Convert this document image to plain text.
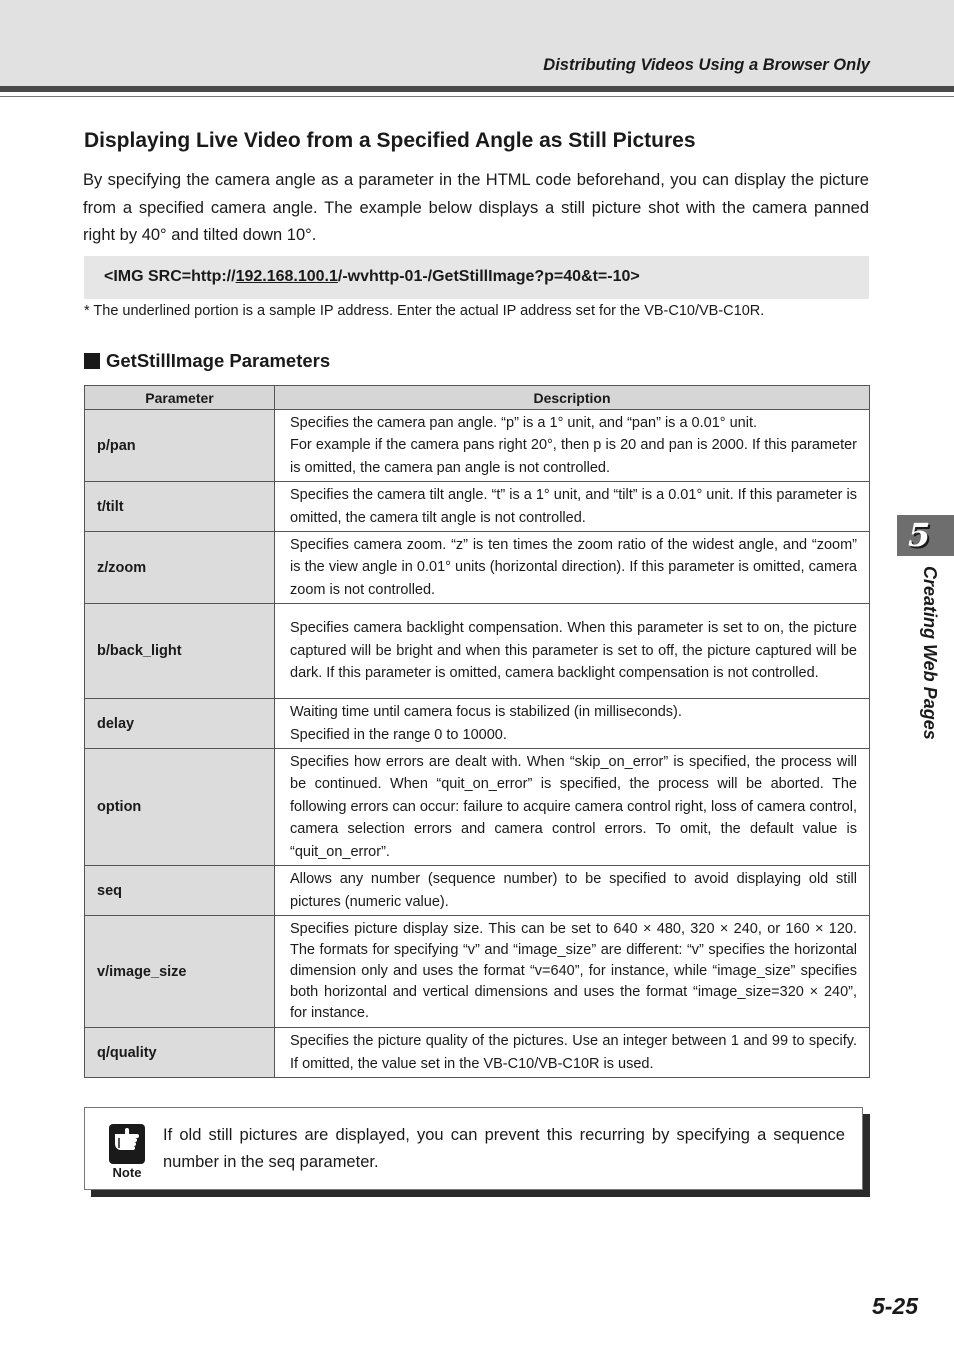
Distributing Videos Using a Browser Only
Displaying Live Video from a Specified Angle as Still Pictures

By specifying the camera angle as a parameter in the HTML code beforehand, you can display the picture from a specified camera angle. The example below displays a still picture shot with the camera panned right by 40° and tilted down 10°.

<IMG SRC=http://192.168.100.1/-wvhttp-01-/GetStillImage?p=40&t=-10>
* The underlined portion is a sample IP address. Enter the actual IP address set for the VB-C10/VB-C10R.
GetStillImage Parameters
Parameter	Description
p/pan	Specifies the camera pan angle. “p” is a 1° unit, and “pan” is a 0.01° unit.
For example if the camera pans right 20°, then p is 20 and pan is 2000. If this parameter is omitted, the camera pan angle is not controlled.

t/tilt	Specifies the camera tilt angle. “t” is a 1° unit, and “tilt” is a 0.01° unit. If this parameter is omitted, the camera tilt angle is not controlled.

z/zoom	Specifies camera zoom. “z” is ten times the zoom ratio of the widest angle, and “zoom” is the view angle in 0.01° units (horizontal direction). If this parameter is omitted, camera zoom is not controlled.

b/back_light	Specifies camera backlight compensation. When this parameter is set to on, the picture captured will be bright and when this parameter is set to off, the picture captured will be dark. If this parameter is omitted, camera backlight compensation is not controlled.

delay	Waiting time until camera focus is stabilized (in milliseconds).
Specified in the range 0 to 10000.

option	Specifies how errors are dealt with. When “skip_on_error” is specified, the process will be continued. When “quit_on_error” is specified, the process will be aborted. The following errors can occur: failure to acquire camera control right, loss of camera control, camera selection errors and camera control errors. To omit, the default value is “quit_on_error”.

seq	Allows any number (sequence number) to be specified to avoid displaying old still pictures (numeric value).

v/image_size	Specifies picture display size. This can be set to 640 × 480, 320 × 240, or 160 × 120. The formats for specifying “v” and “image_size” are different: “v” specifies the horizontal dimension only and uses the format “v=640”, for instance, while “image_size” specifies both horizontal and vertical dimensions and uses the format “image_size=320 × 240”, for instance.

q/quality	Specifies the picture quality of the pictures. Use an integer between 1 and 99 to specify. If omitted, the value set in the VB-C10/VB-C10R is used.
Note

If old still pictures are displayed, you can prevent this recurring by specifying a sequence number in the seq parameter.

5
Creating Web Pages
5-25
